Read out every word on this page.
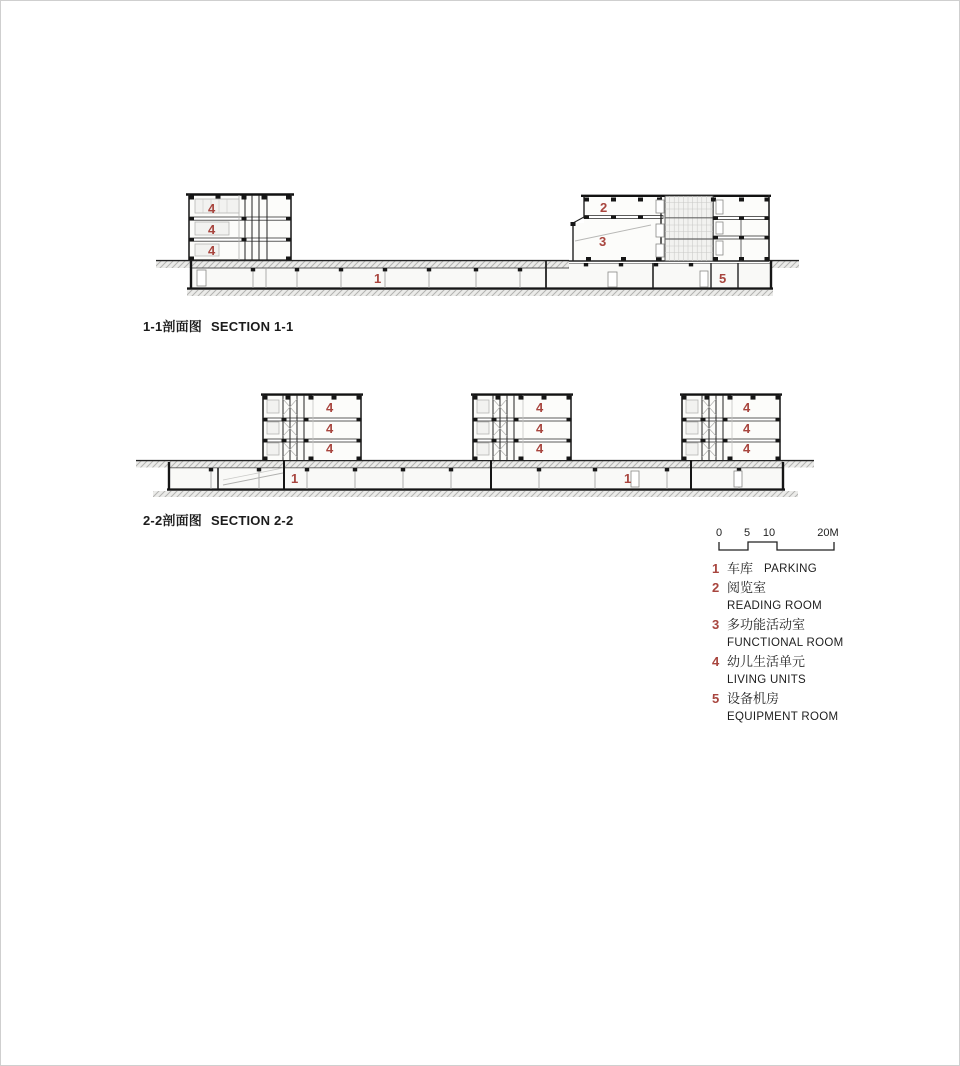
4
4
4
1
2
3
5
4
4
4
4
4
4
4
4
4
1	1
1-1剖面图 SECTION 1-1
2-2剖面图 SECTION 2-2
0 5 10	20M
1 车库 $^{PARKING}$
2 阅览室
READING ROOM
3 多功能活动室
FUNCTIONAL ROOM
4 幼儿生活单元
LIVING UNITS
5 设备机房
EQUIPMENT ROOM
